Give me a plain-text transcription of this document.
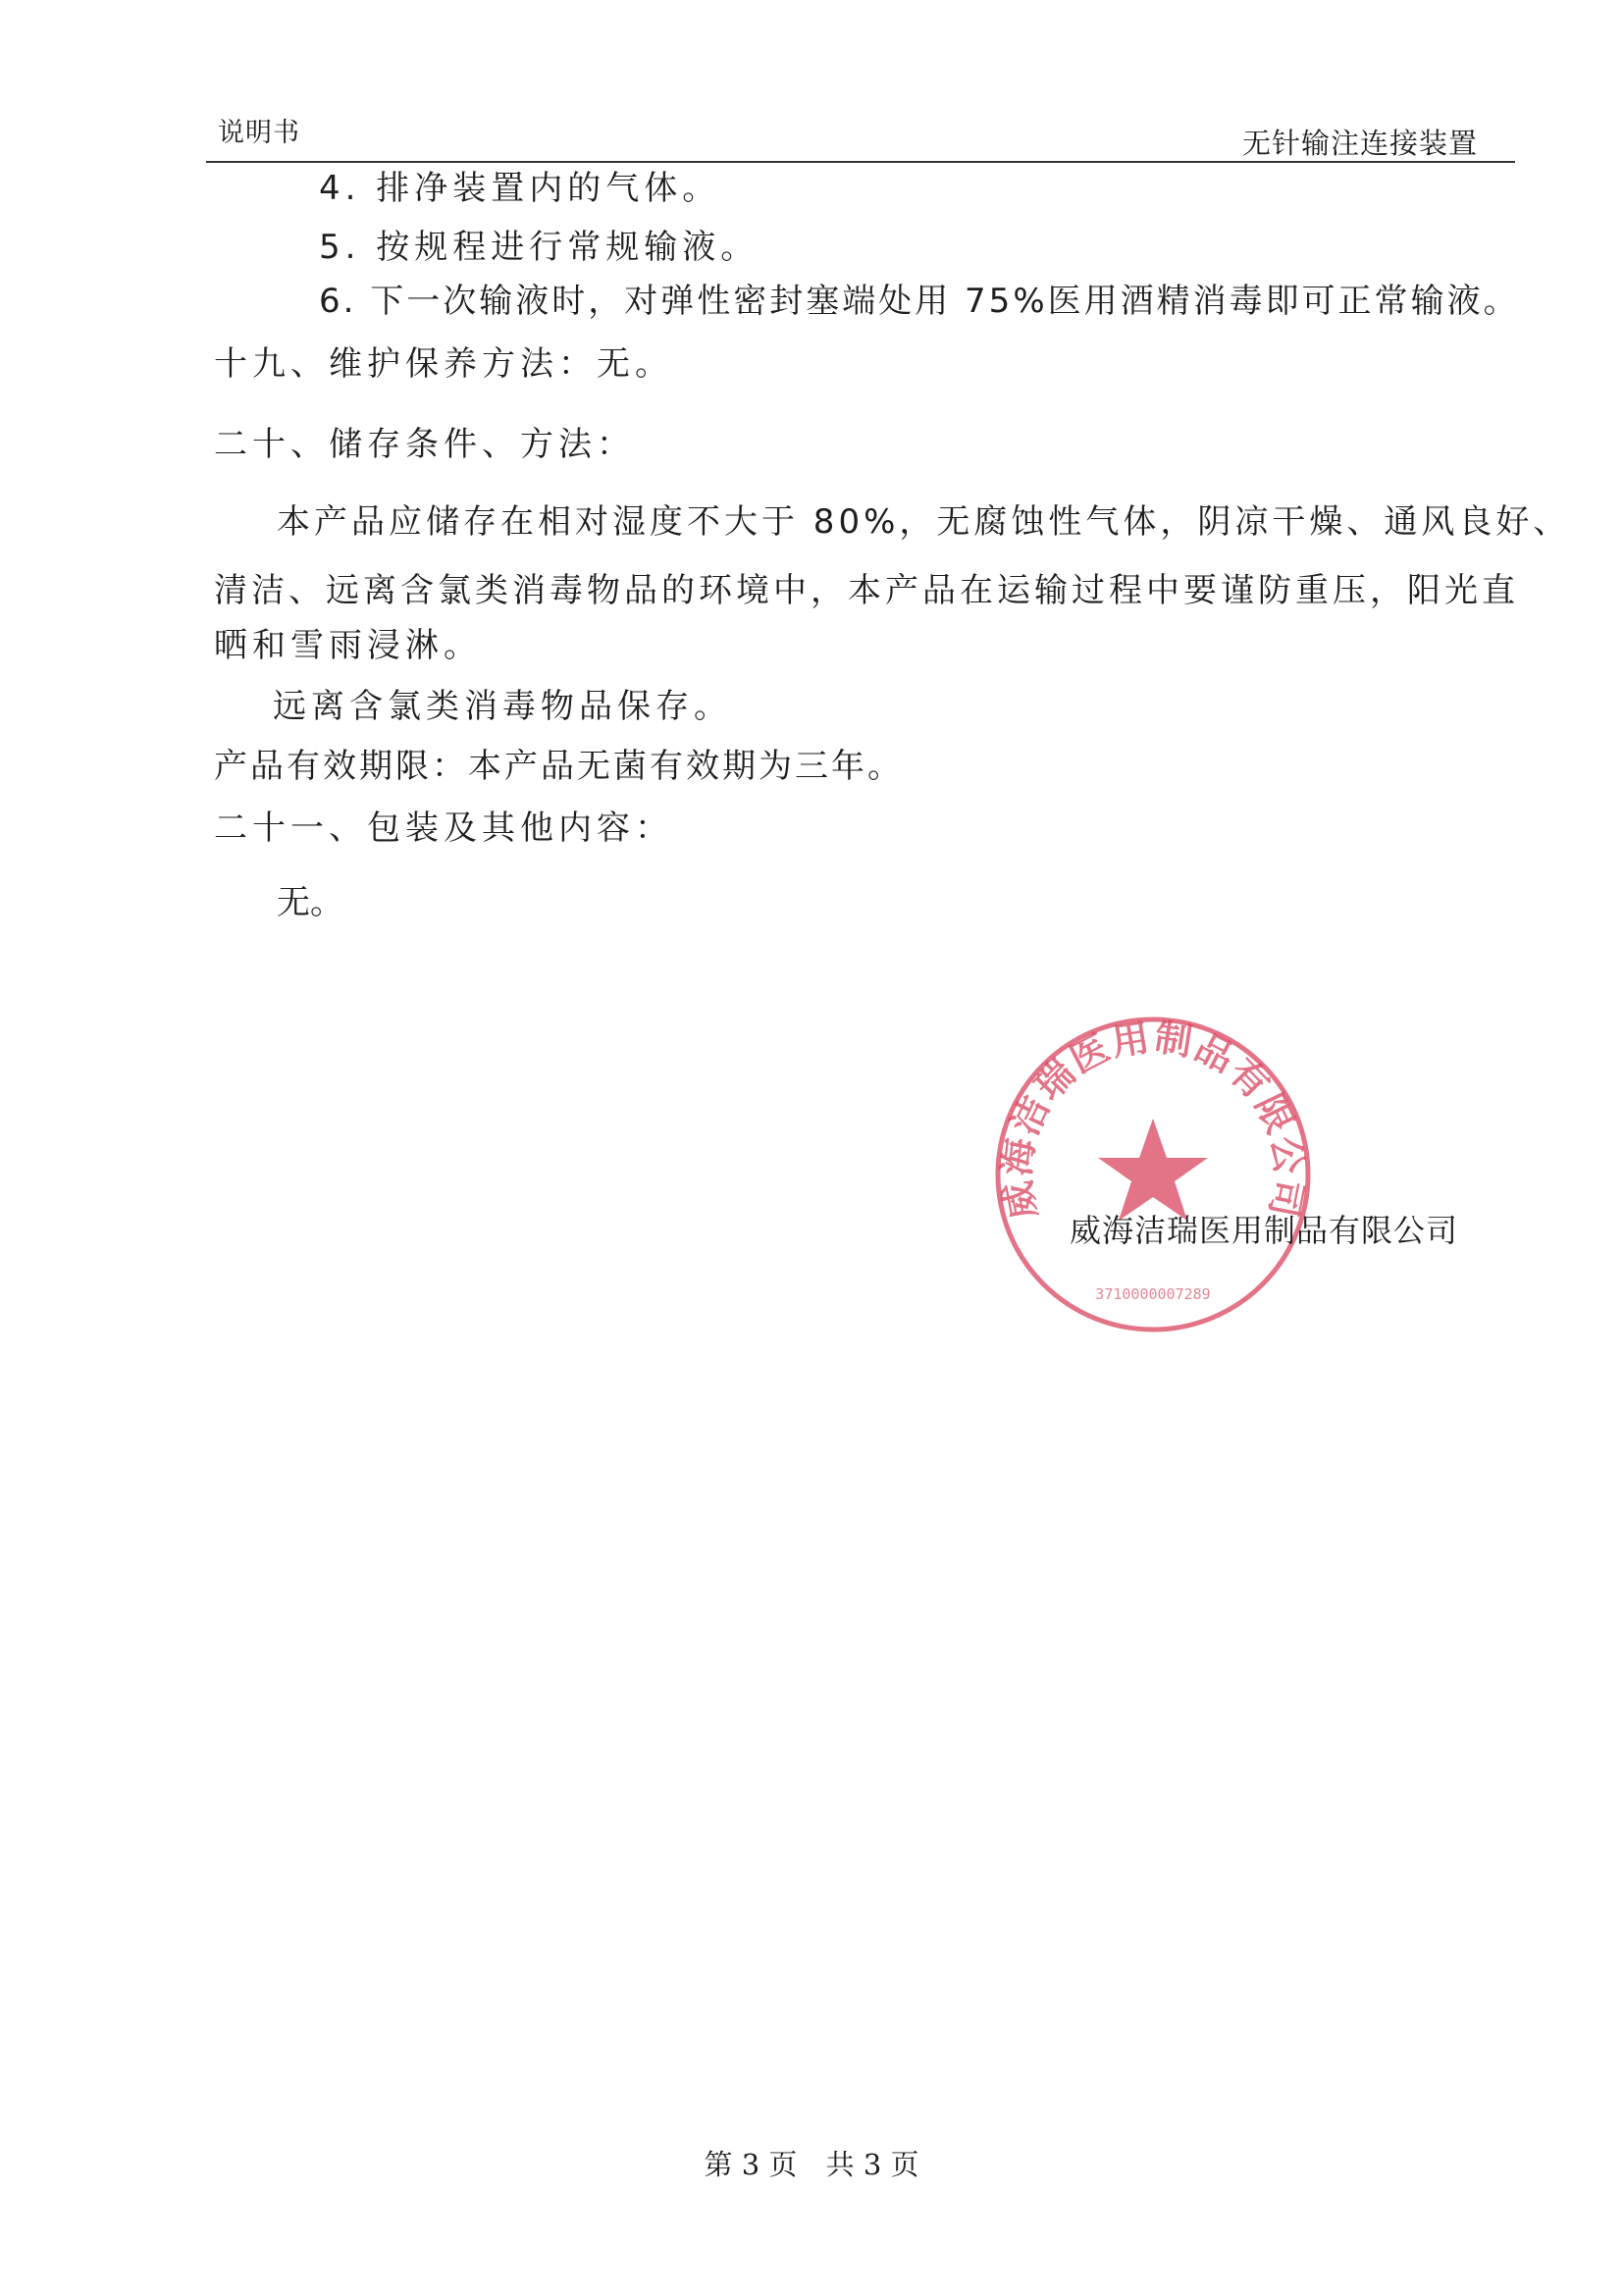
说明书	无针输注连接装置
4. 排净装置内的气体。
5. 按规程进行常规输液。
6. 下一次输液时，对弹性密封塞端处用 75%医用酒精消毒即可正常输液。
十九、维护保养方法：无。
二十、储存条件、方法：
本产品应储存在相对湿度不大于 80%，无腐蚀性气体，阴凉干燥、通风良好、
清洁、远离含氯类消毒物品的环境中，本产品在运输过程中要谨防重压，阳光直
晒和雪雨浸淋。
远离含氯类消毒物品保存。
产品有效期限：本产品无菌有效期为三年。
二十一、包装及其他内容：
无。
威海洁瑞医用制品有限公司
3710000007289
威海洁瑞医用制品有限公司
第 3 页 共 3 页
